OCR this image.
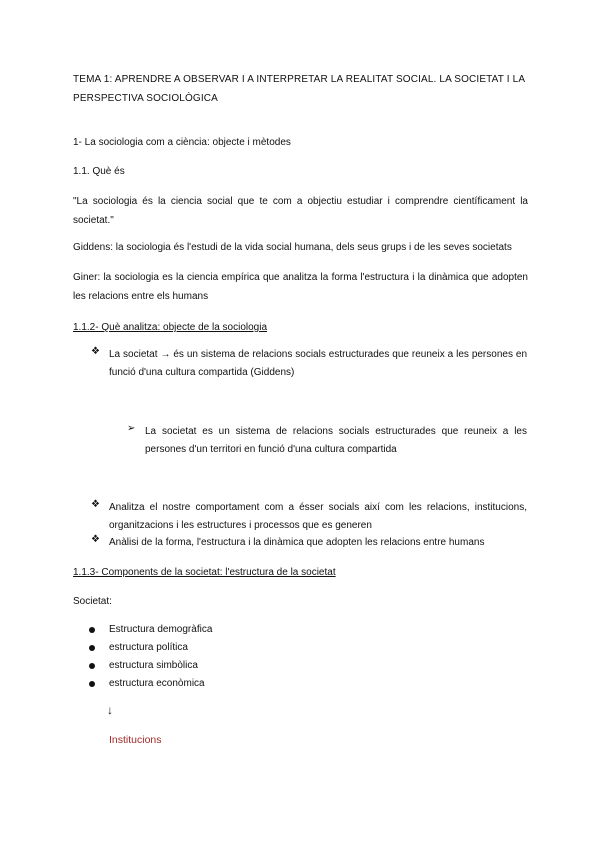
TEMA 1: APRENDRE A OBSERVAR I A INTERPRETAR LA REALITAT SOCIAL. LA SOCIETAT I LA PERSPECTIVA SOCIOLÒGICA
1- La sociologia com a ciència: objecte i mètodes
1.1. Què és
"La sociologia és la ciencia social que te com a objectiu estudiar i comprendre científicament la societat."
Giddens: la sociologia és l'estudi de la vida social humana, dels seus grups i de les seves societats
Giner: la sociologia es la ciencia empírica que analitza la forma l'estructura i la dinàmica que adopten les relacions entre els humans
1.1.2- Què analitza: objecte de la sociologia
❖ La societat → és un sistema de relacions socials estructurades que reuneix a les persones en funció d'una cultura compartida (Giddens)
➢ La societat es un sistema de relacions socials estructurades que reuneix a les persones d'un territori en funció d'una cultura compartida
❖ Analitza el nostre comportament com a ésser socials així com les relacions, institucions, organitzacions i les estructures i processos que es generen
❖ Anàlisi de la forma, l'estructura i la dinàmica que adopten les relacions entre humans
1.1.3- Components de la societat: l'estructura de la societat
Societat:
Estructura demogràfica
estructura política
estructura simbòlica
estructura econòmica
↓
Institucions
